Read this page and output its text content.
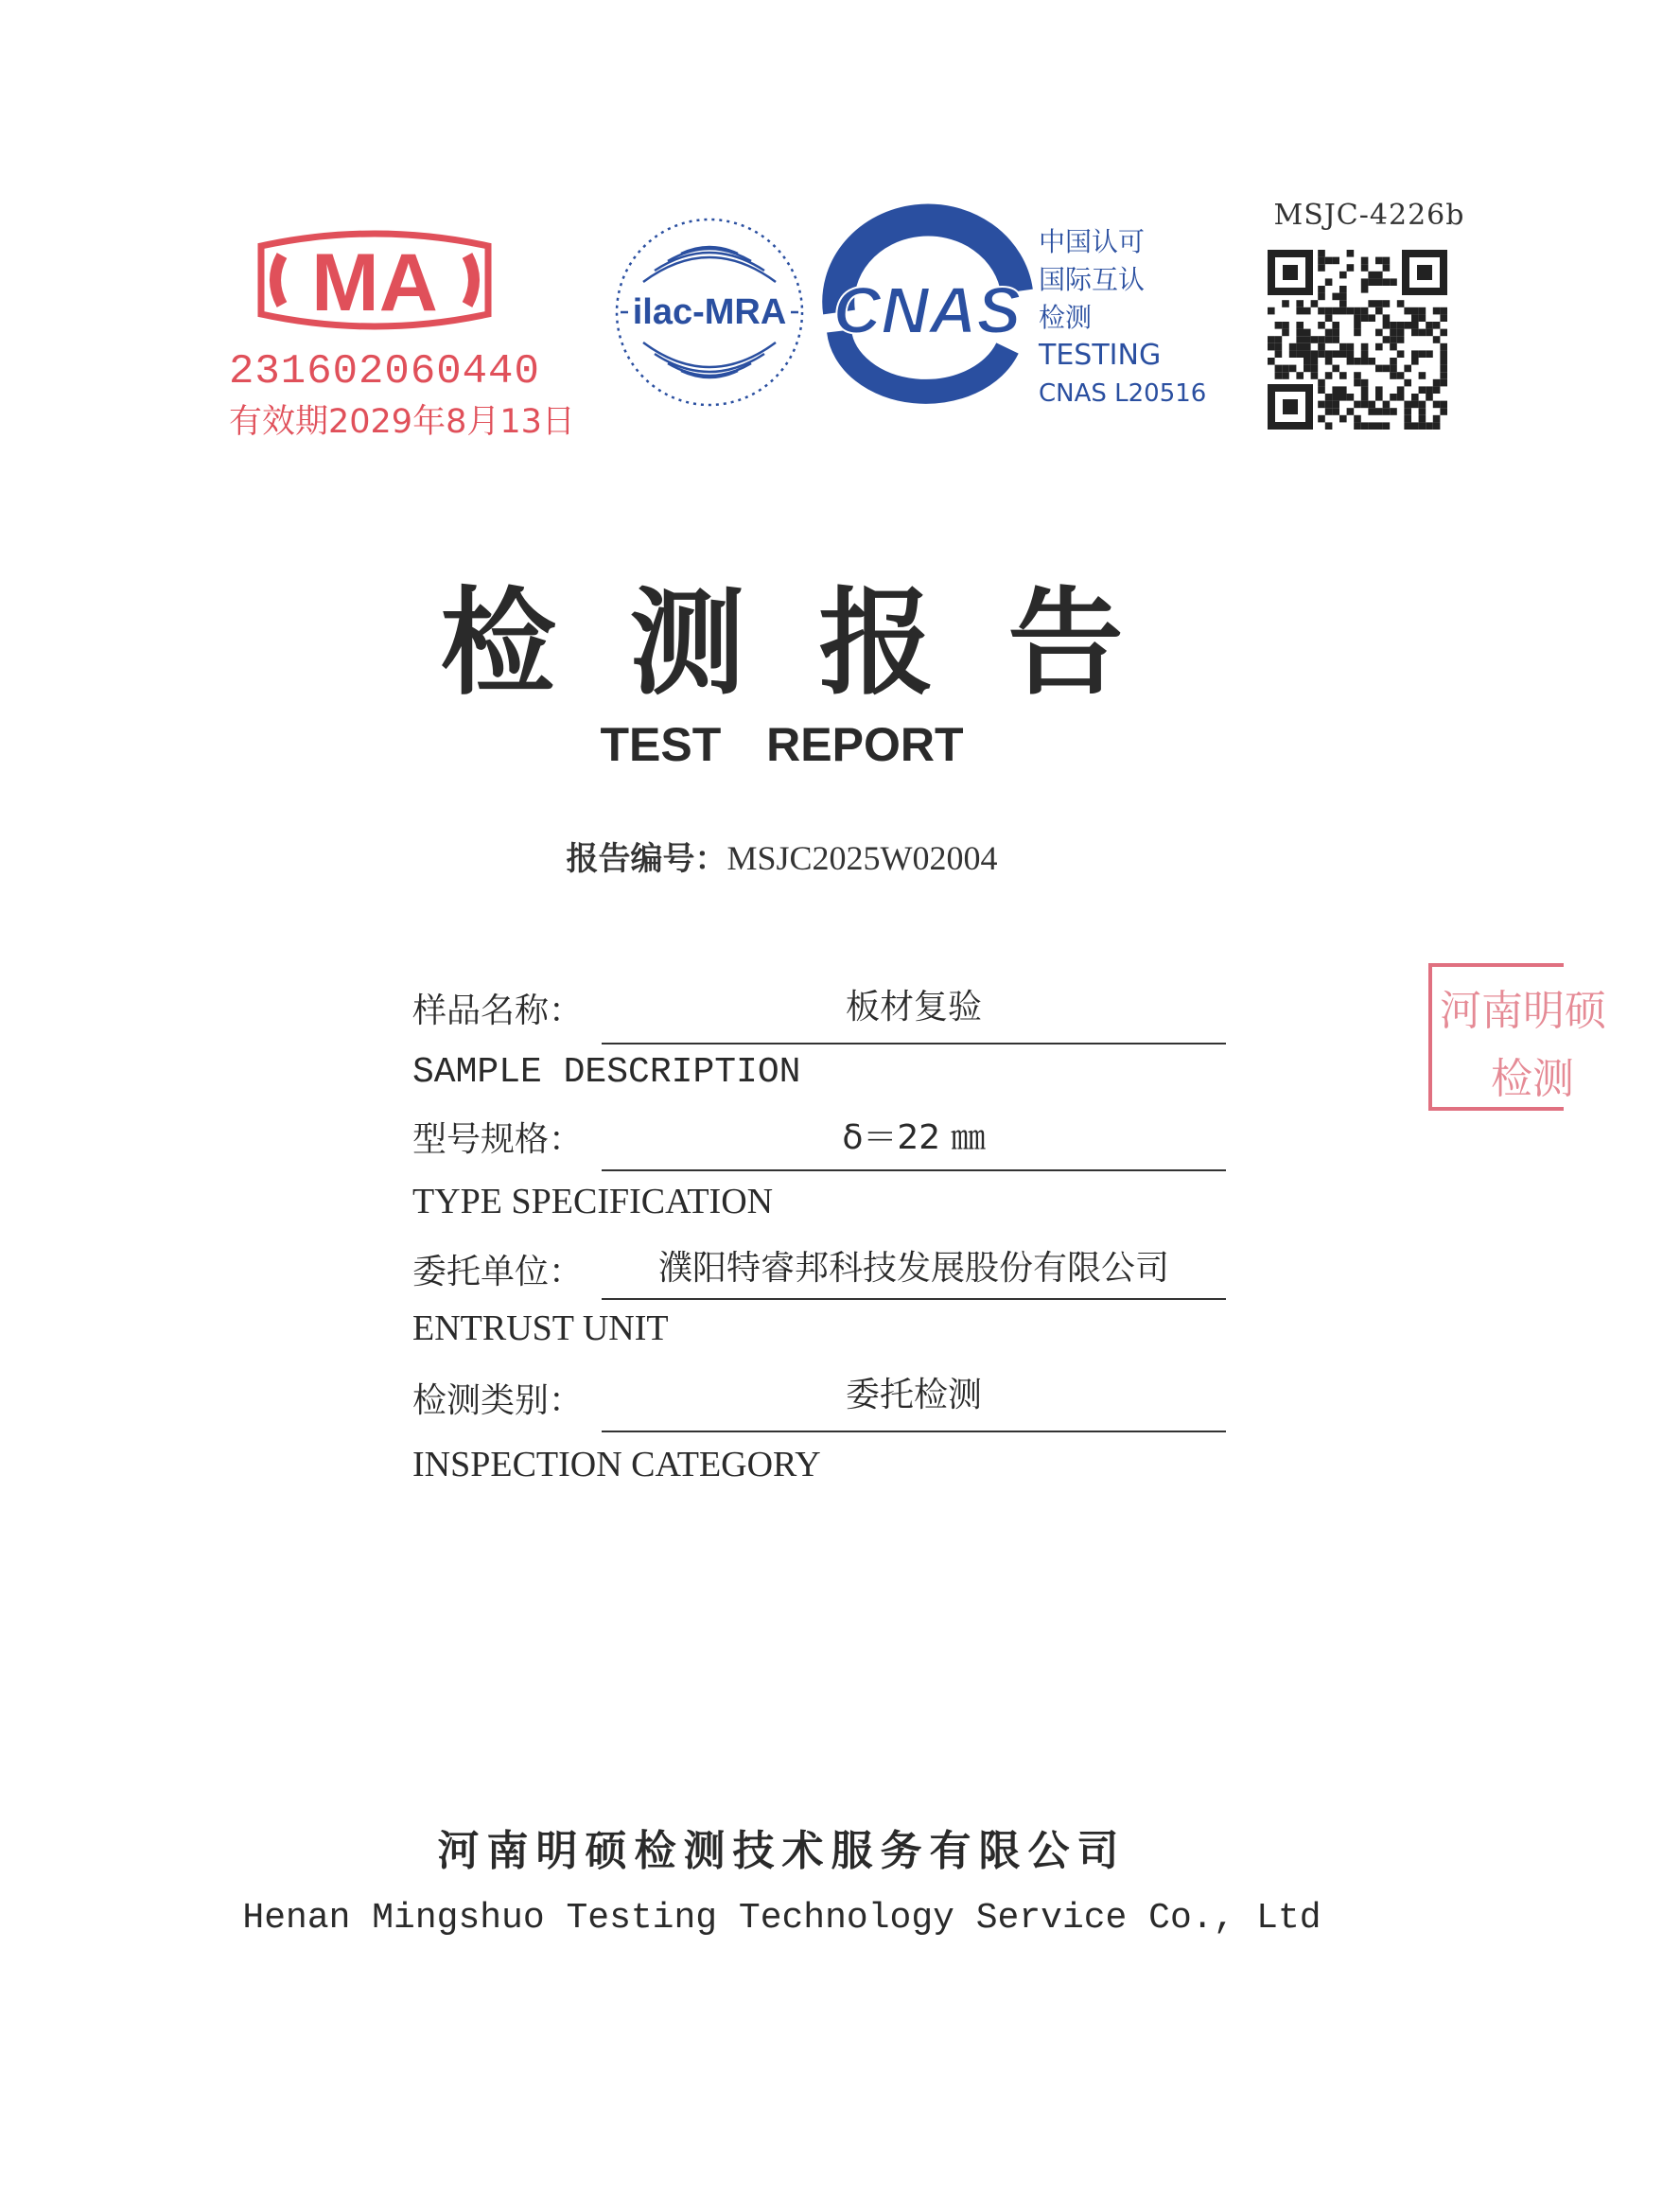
MA
231602060440
有效期2029年8月13日
ilac-MRA CNAS
中国认可
国际互认
检测
TESTING
CNAS L20516
MSJC-4226b
河南明硕
检测
检测报告
TEST REPORT
报告编号：MSJC2025W02004
样品名称：	板材复验
SAMPLE DESCRIPTION
型号规格：	δ＝22 ㎜
TYPE SPECIFICATION
委托单位：	濮阳特睿邦科技发展股份有限公司
ENTRUST UNIT
检测类别：	委托检测
INSPECTION CATEGORY
河南明硕检测技术服务有限公司
Henan Mingshuo Testing Technology Service Co., Ltd
